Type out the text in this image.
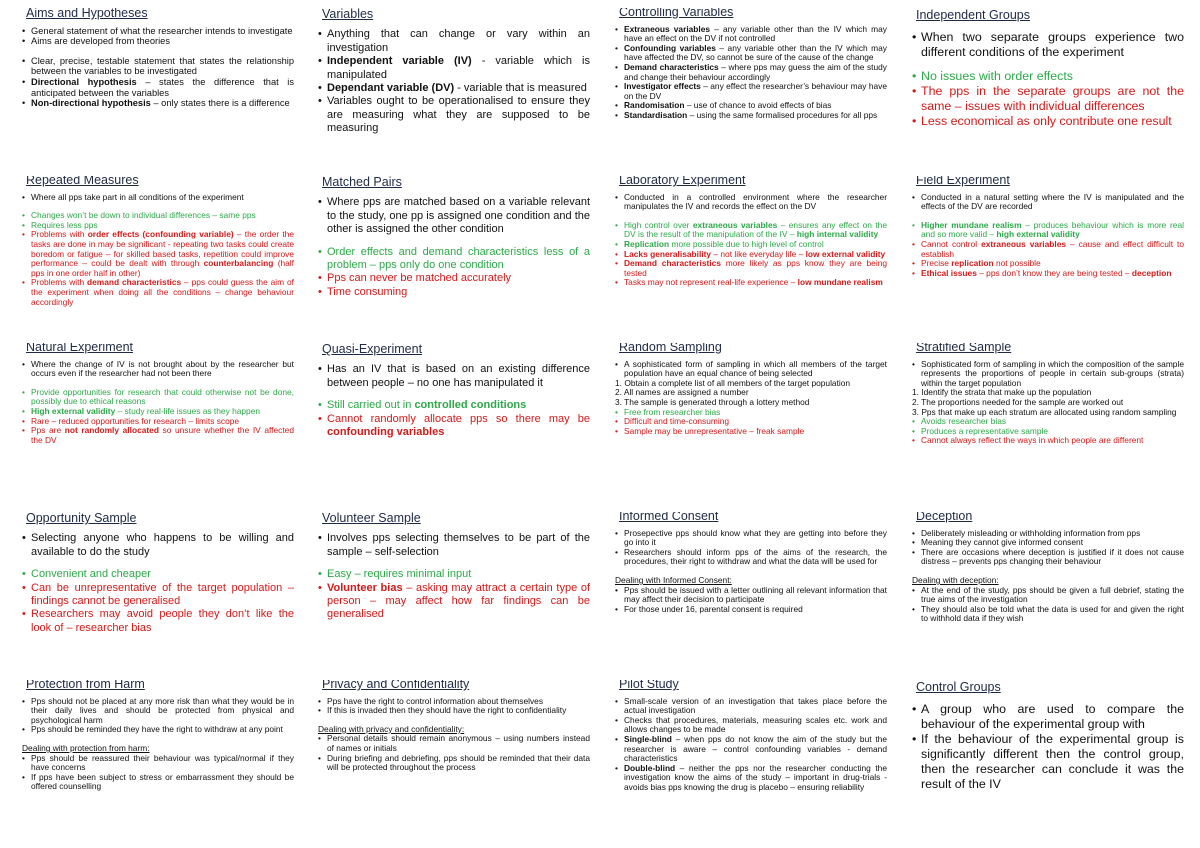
Aims and Hypotheses
• General statement of what the researcher intends to investigate
• Aims are developed from theories
• Clear, precise, testable statement that states the relationship between the variables to be investigated
• Directional hypothesis – states the difference that is anticipated between the variables
• Non-directional hypothesis – only states there is a difference
Variables
• Anything that can change or vary within an investigation
• Independent variable (IV) - variable which is manipulated
• Dependant variable (DV) - variable that is measured
• Variables ought to be operationalised to ensure they are measuring what they are supposed to be measuring
Controlling Variables
• Extraneous variables – any variable other than the IV which may have an effect on the DV if not controlled
• Confounding variables – any variable other than the IV which may have affected the DV, so cannot be sure of the cause of the change
• Demand characteristics – where pps may guess the aim of the study and change their behaviour accordingly
• Investigator effects – any effect the researcher’s behaviour may have on the DV
• Randomisation – use of chance to avoid effects of bias
• Standardisation – using the same formalised procedures for all pps
Independent Groups
• When two separate groups experience two different conditions of the experiment
• No issues with order effects
• The pps in the separate groups are not the same – issues with individual differences
• Less economical as only contribute one result
Repeated Measures
• Where all pps take part in all conditions of the experiment
• Changes won’t be down to individual differences – same pps
• Requires less pps
• Problems with order effects (confounding variable) – the order the tasks are done in may be significant - repeating two tasks could create boredom or fatigue – for skilled based tasks, repetition could improve performance – could be dealt with through counterbalancing (half pps in one order half in other)
• Problems with demand characteristics – pps could guess the aim of the experiment when doing all the conditions – change behaviour accordingly
Matched Pairs
• Where pps are matched based on a variable relevant to the study, one pp is assigned one condition and the other is assigned the other condition
• Order effects and demand characteristics less of a problem – pps only do one condition
• Pps can never be matched accurately
• Time consuming
Laboratory Experiment
• Conducted in a controlled environment where the researcher manipulates the IV and records the effect on the DV
• High control over extraneous variables – ensures any effect on the DV is the result of the manipulation of the IV – high internal validity
• Replication more possible due to high level of control
• Lacks generalisability – not like everyday life – low external validity
• Demand characteristics more likely as pps know they are being tested
• Tasks may not represent real-life experience – low mundane realism
Field Experiment
• Conducted in a natural setting where the IV is manipulated and the effects of the DV are recorded
• Higher mundane realism – produces behaviour which is more real and so more valid – high external validity
• Cannot control extraneous variables – cause and effect difficult to establish
• Precise replication not possible
• Ethical issues – pps don’t know they are being tested – deception
Natural Experiment
• Where the change of IV is not brought about by the researcher but occurs even if the researcher had not been there
• Provide opportunities for research that could otherwise not be done, possibly due to ethical reasons
• High external validity – study real-life issues as they happen
• Rare – reduced opportunities for research – limits scope
• Pps are not randomly allocated so unsure whether the IV affected the DV
Quasi-Experiment
• Has an IV that is based on an existing difference between people – no one has manipulated it
• Still carried out in controlled conditions
• Cannot randomly allocate pps so there may be confounding variables
Random Sampling
• A sophisticated form of sampling in which all members of the target population have an equal chance of being selected
1. Obtain a complete list of all members of the target population
2. All names are assigned a number
3. The sample is generated through a lottery method
• Free from researcher bias
• Difficult and time-consuming
• Sample may be unrepresentative – freak sample
Stratified Sample
• Sophisticated form of sampling in which the composition of the sample represents the proportions of people in certain sub-groups (strata) within the target population
1. Identify the strata that make up the population
2. The proportions needed for the sample are worked out
3. Pps that make up each stratum are allocated using random sampling
• Avoids researcher bias
• Produces a representative sample
• Cannot always reflect the ways in which people are different
Opportunity Sample
• Selecting anyone who happens to be willing and available to do the study
• Convenient and cheaper
• Can be unrepresentative of the target population – findings cannot be generalised
• Researchers may avoid people they don’t like the look of – researcher bias
Volunteer Sample
• Involves pps selecting themselves to be part of the sample – self-selection
• Easy – requires minimal input
• Volunteer bias – asking may attract a certain type of person – may affect how far findings can be generalised
Informed Consent
• Prosepective pps should know what they are getting into before they go into it
• Researchers should inform pps of the aims of the research, the procedures, their right to withdraw and what the data will be used for
Dealing with Informed Consent:
• Pps should be issued with a letter outlining all relevant information that may affect their decision to participate
• For those under 16, parental consent is required
Deception
• Deliberately misleading or withholding information from pps
• Meaning they cannot give informed consent
• There are occasions where deception is justified if it does not cause distress – prevents pps changing their behaviour
Dealing with deception:
• At the end of the study, pps should be given a full debrief, stating the true aims of the investigation
• They should also be told what the data is used for and given the right to withhold data if they wish
Protection from Harm
• Pps should not be placed at any more risk than what they would be in their daily lives and should be protected from physical and psychological harm
• Pps should be reminded they have the right to withdraw at any point
Dealing with protection from harm:
• Pps should be reassured their behaviour was typical/normal if they have concerns
• If pps have been subject to stress or embarrassment they should be offered counselling
Privacy and Confidentiality
• Pps have the right to control information about themselves
• If this is invaded then they should have the right to confidentiality
Dealing with privacy and confidentiality:
• Personal details should remain anonymous – using numbers instead of names or initials
• During briefing and debriefing, pps should be reminded that their data will be protected throughout the process
Pilot Study
• Small-scale version of an investigation that takes place before the actual investigation
• Checks that procedures, materials, measuring scales etc. work and allows changes to be made
• Single-blind – when pps do not know the aim of the study but the researcher is aware – control confounding variables - demand characteristics
• Double-blind – neither the pps nor the researcher conducting the investigation know the aims of the study – important in drug-trials - avoids bias pps knowing the drug is placebo – ensuring reliability
Control Groups
• A group who are used to compare the behaviour of the experimental group with
• If the behaviour of the experimental group is significantly different then the control group, then the researcher can conclude it was the result of the IV
